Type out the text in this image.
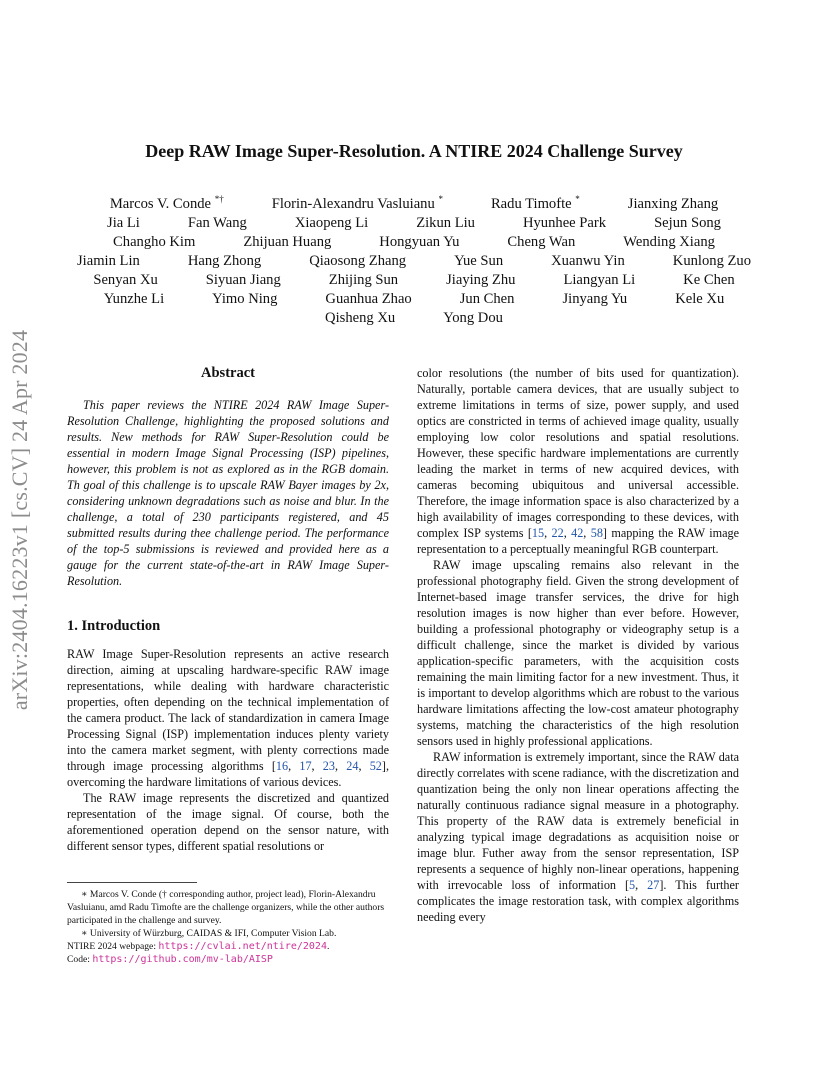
arXiv:2404.16223v1 [cs.CV] 24 Apr 2024
Deep RAW Image Super-Resolution. A NTIRE 2024 Challenge Survey
Marcos V. Conde *†	Florin-Alexandru Vasluianu *	Radu Timofte *	Jianxing Zhang
Jia Li	Fan Wang	Xiaopeng Li	Zikun Liu	Hyunhee Park	Sejun Song
Changho Kim	Zhijuan Huang	Hongyuan Yu	Cheng Wan	Wending Xiang
Jiamin Lin	Hang Zhong	Qiaosong Zhang	Yue Sun	Xuanwu Yin	Kunlong Zuo
Senyan Xu	Siyuan Jiang	Zhijing Sun	Jiaying Zhu	Liangyan Li	Ke Chen
Yunzhe Li	Yimo Ning	Guanhua Zhao	Jun Chen	Jinyang Yu	Kele Xu
Qisheng Xu	Yong Dou
Abstract

This paper reviews the NTIRE 2024 RAW Image Super-Resolution Challenge, highlighting the proposed solutions and results. New methods for RAW Super-Resolution could be essential in modern Image Signal Processing (ISP) pipelines, however, this problem is not as explored as in the RGB domain. Th goal of this challenge is to upscale RAW Bayer images by 2x, considering unknown degradations such as noise and blur. In the challenge, a total of 230 participants registered, and 45 submitted results during thee challenge period. The performance of the top-5 submissions is reviewed and provided here as a gauge for the current state-of-the-art in RAW Image Super-Resolution.

1. Introduction

RAW Image Super-Resolution represents an active research direction, aiming at upscaling hardware-specific RAW image representations, while dealing with hardware characteristic properties, often depending on the technical implementation of the camera product. The lack of standardization in camera Image Processing Signal (ISP) implementation induces plenty variety into the camera market segment, with plenty corrections made through image processing algorithms [16, 17, 23, 24, 52], overcoming the hardware limitations of various devices.

The RAW image represents the discretized and quantized representation of the image signal. Of course, both the aforementioned operation depend on the sensor nature, with different sensor types, different spatial resolutions or

∗ Marcos V. Conde († corresponding author, project lead), Florin-Alexandru Vasluianu, amd Radu Timofte are the challenge organizers, while the other authors participated in the challenge and survey.

∗ University of Würzburg, CAIDAS & IFI, Computer Vision Lab.

NTIRE 2024 webpage: https://cvlai.net/ntire/2024.

Code: https://github.com/mv-lab/AISP

color resolutions (the number of bits used for quantization). Naturally, portable camera devices, that are usually subject to extreme limitations in terms of size, power supply, and used optics are constricted in terms of achieved image quality, usually employing low color resolutions and spatial resolutions. However, these specific hardware implementations are currently leading the market in terms of new acquired devices, with cameras becoming ubiquitous and universal accessible. Therefore, the image information space is also characterized by a high availability of images corresponding to these devices, with complex ISP systems [15, 22, 42, 58] mapping the RAW image representation to a perceptually meaningful RGB counterpart.

RAW image upscaling remains also relevant in the professional photography field. Given the strong development of Internet-based image transfer services, the drive for high resolution images is now higher than ever before. However, building a professional photography or videography setup is a difficult challenge, since the market is divided by various application-specific parameters, with the acquisition costs remaining the main limiting factor for a new investment. Thus, it is important to develop algorithms which are robust to the various hardware limitations affecting the low-cost amateur photography systems, matching the characteristics of the high resolution sensors used in highly professional applications.

RAW information is extremely important, since the RAW data directly correlates with scene radiance, with the discretization and quantization being the only non linear operations affecting the naturally continuous radiance signal measure in a photography. This property of the RAW data is extremely beneficial in analyzing typical image degradations as acquisition noise or image blur. Futher away from the sensor representation, ISP represents a sequence of highly non-linear operations, happening with irrevocable loss of information [5, 27]. This further complicates the image restoration task, with complex algorithms needing every
